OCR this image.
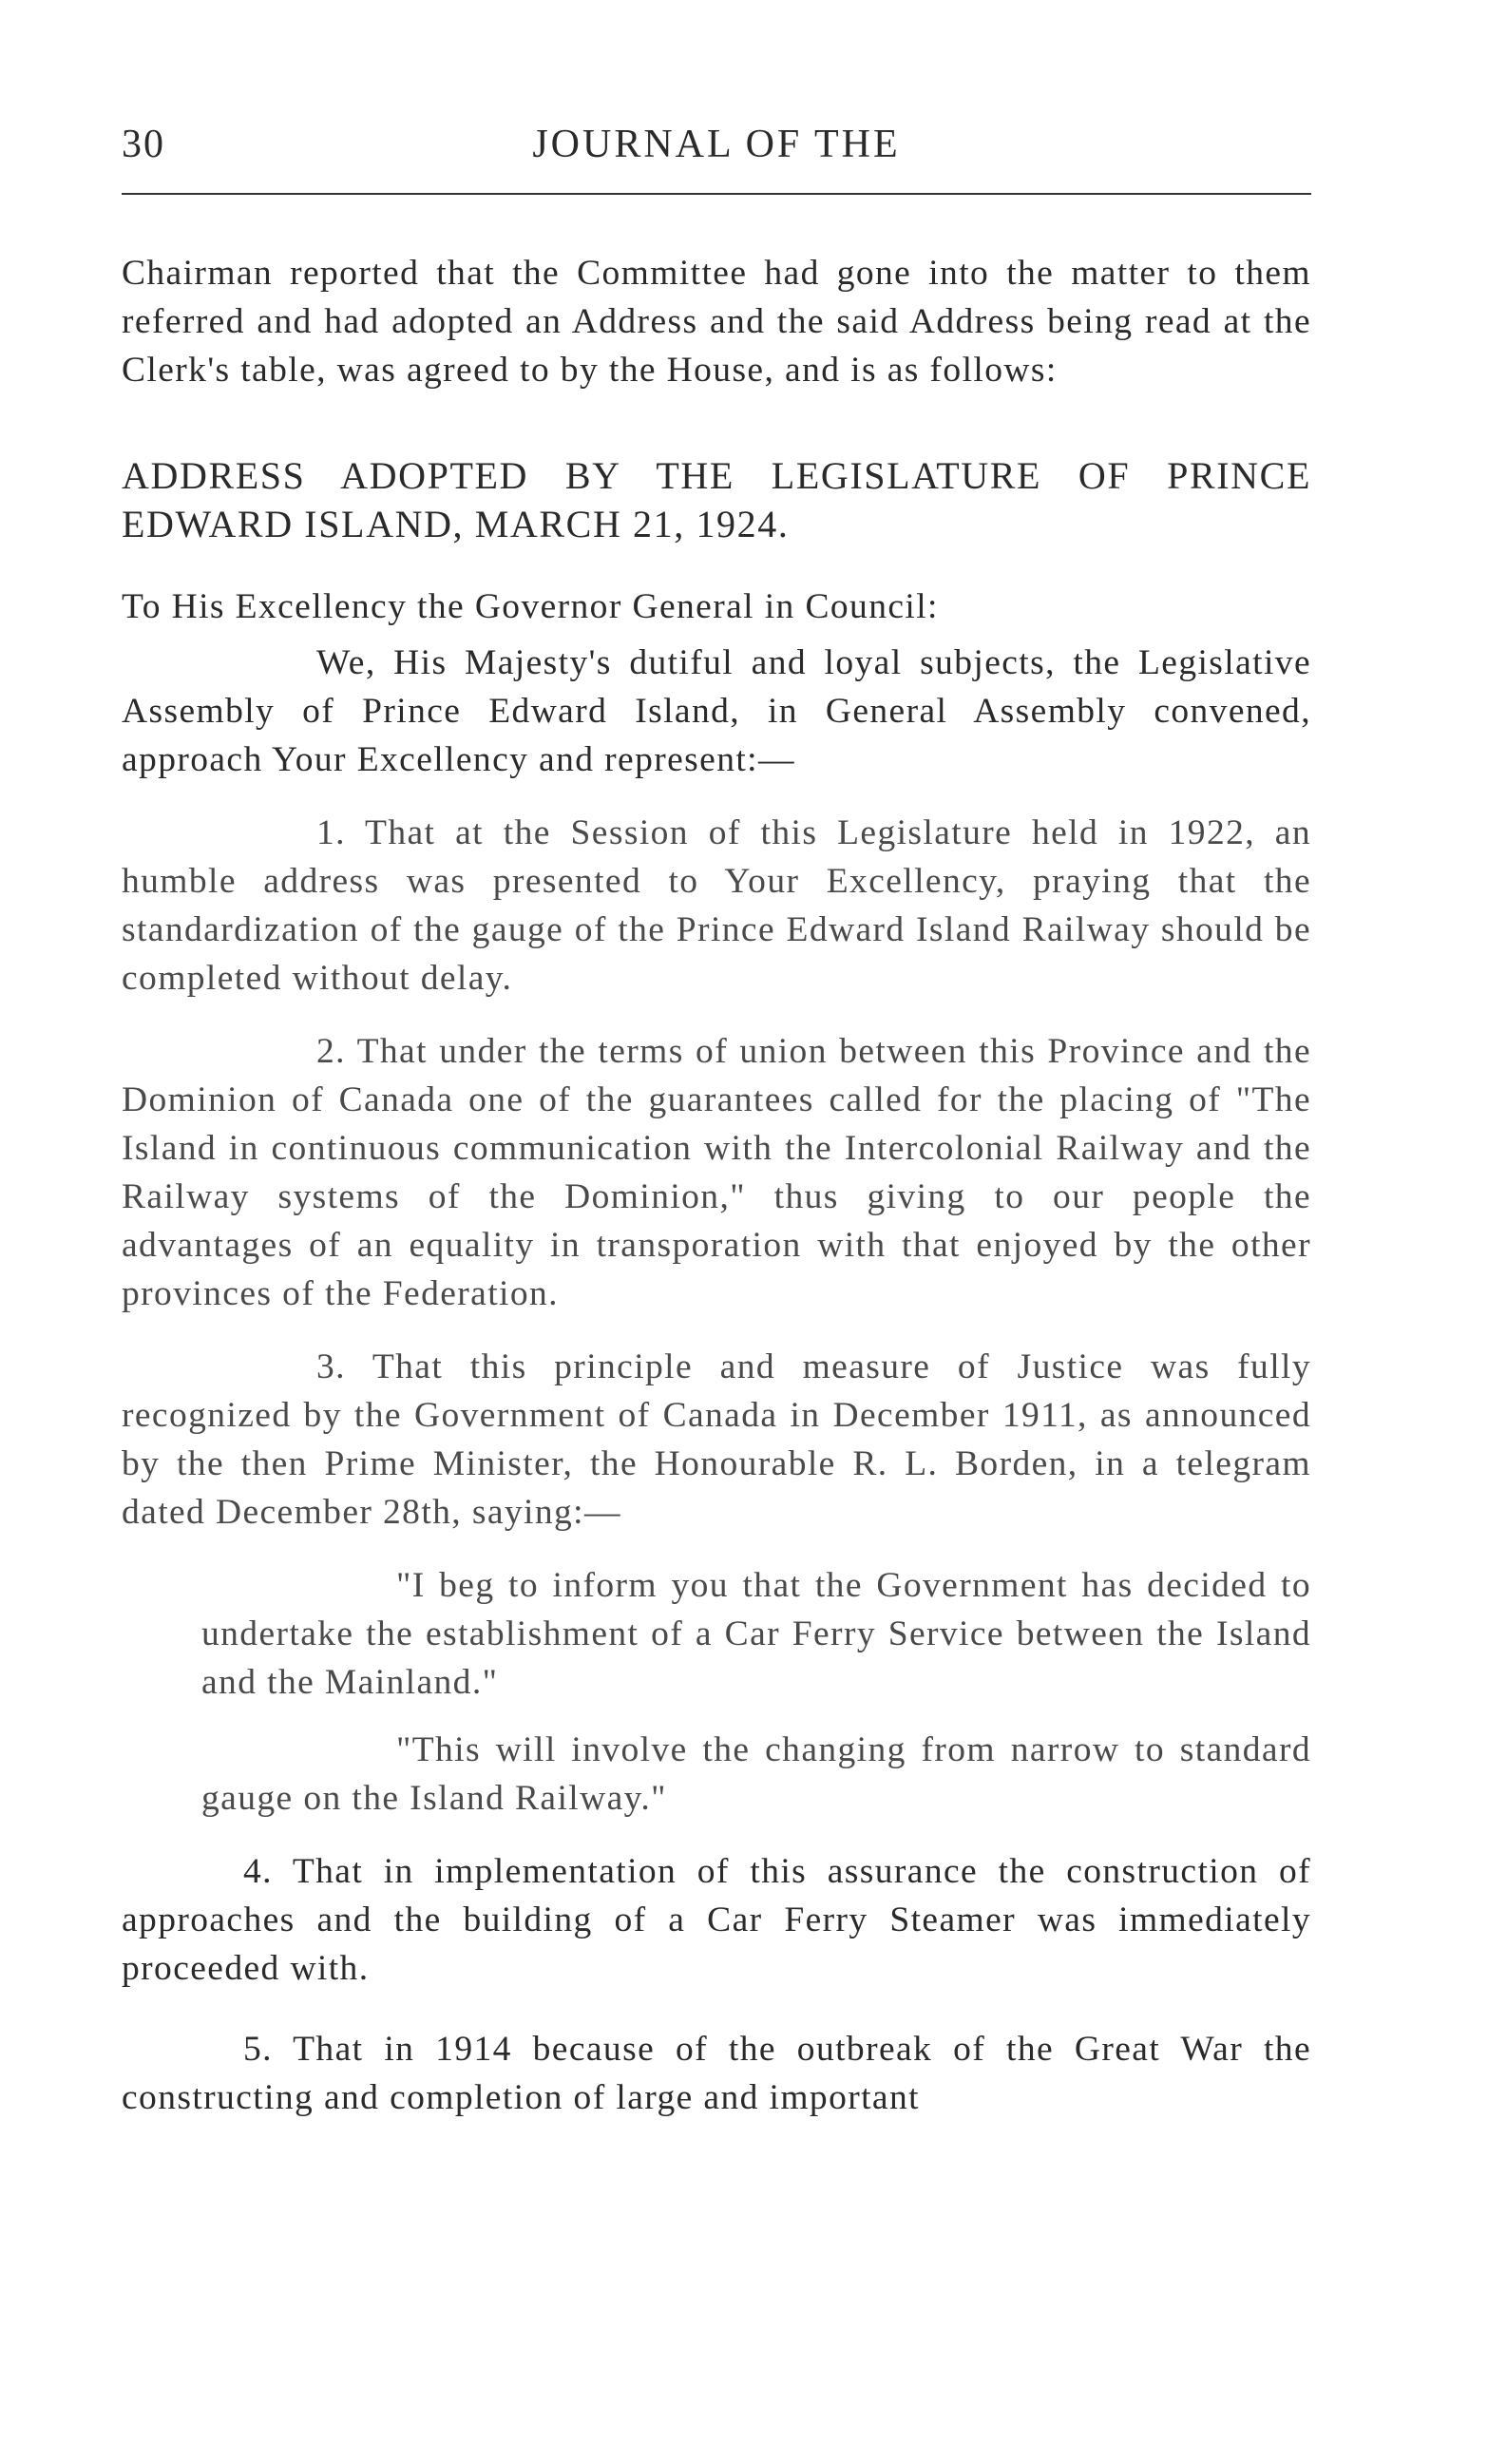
30	JOURNAL OF THE

Chairman reported that the Committee had gone into the matter to them referred and had adopted an Address and the said Address being read at the Clerk's table, was agreed to by the House, and is as follows:

ADDRESS ADOPTED BY THE LEGISLATURE OF PRINCE EDWARD ISLAND, MARCH 21, 1924.

To His Excellency the Governor General in Council:

We, His Majesty's dutiful and loyal subjects, the Legislative Assembly of Prince Edward Island, in General Assembly convened, approach Your Excellency and represent:—

1. That at the Session of this Legislature held in 1922, an humble address was presented to Your Excellency, praying that the standardization of the gauge of the Prince Edward Island Railway should be completed without delay.

2. That under the terms of union between this Province and the Dominion of Canada one of the guarantees called for the placing of "The Island in continuous communication with the Intercolonial Railway and the Railway systems of the Dominion," thus giving to our people the advantages of an equality in transporation with that enjoyed by the other provinces of the Federation.

3. That this principle and measure of Justice was fully recognized by the Government of Canada in December 1911, as announced by the then Prime Minister, the Honourable R. L. Borden, in a telegram dated December 28th, saying:—

"I beg to inform you that the Government has decided to undertake the establishment of a Car Ferry Service between the Island and the Mainland."

"This will involve the changing from narrow to standard gauge on the Island Railway."

4. That in implementation of this assurance the construction of approaches and the building of a Car Ferry Steamer was immediately proceeded with.

5. That in 1914 because of the outbreak of the Great War the constructing and completion of large and important
